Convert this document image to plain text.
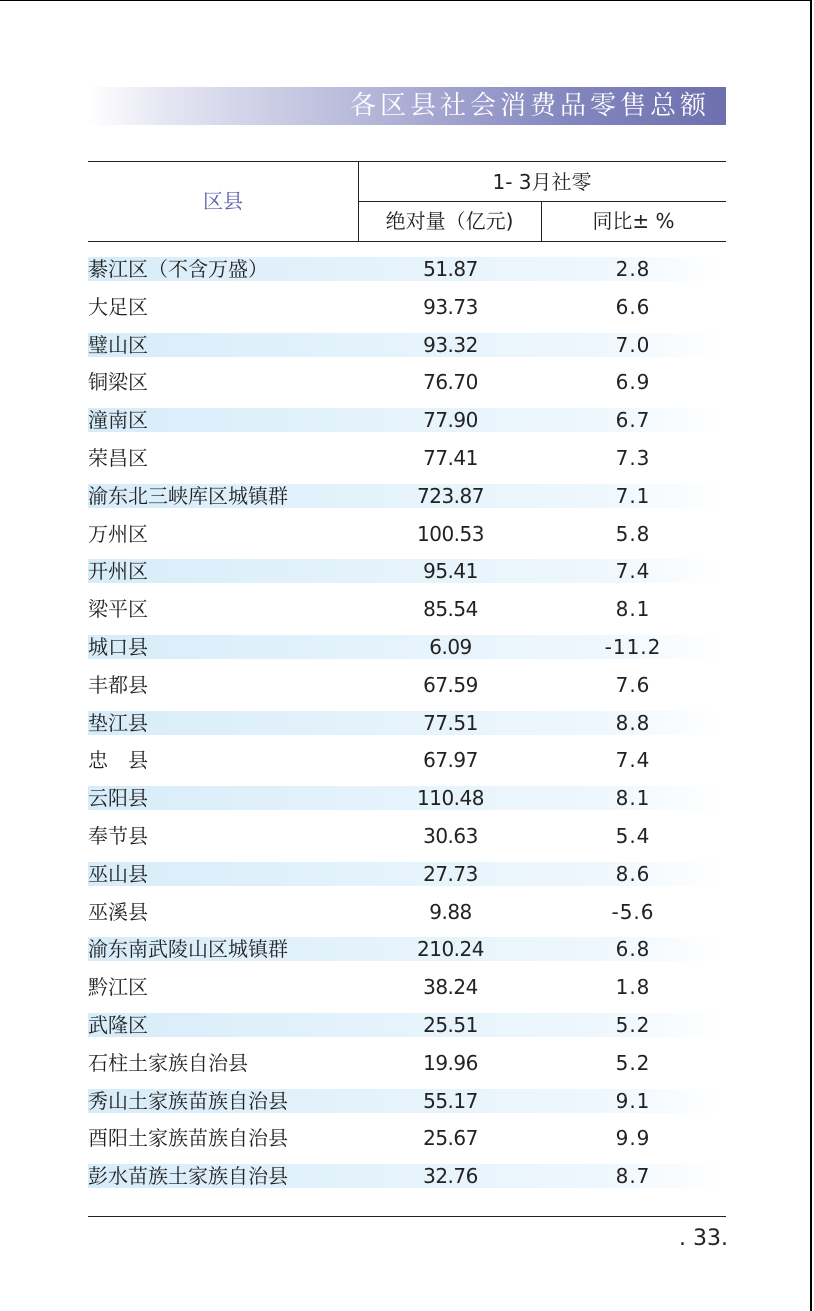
各区县社会消费品零售总额
区县
1- 3月社零
绝对量（亿元)	同比± %
綦江区（不含万盛）	51.87	2.8
大足区	93.73	6.6
璧山区	93.32	7.0
铜梁区	76.70	6.9
潼南区	77.90	6.7
荣昌区	77.41	7.3
渝东北三峡库区城镇群	723.87	7.1
万州区	100.53	5.8
开州区	95.41	7.4
梁平区	85.54	8.1
城口县	6.09	-11.2
丰都县	67.59	7.6
垫江县	77.51	8.8
忠　县	67.97	7.4
云阳县	110.48	8.1
奉节县	30.63	5.4
巫山县	27.73	8.6
巫溪县	9.88	-5.6
渝东南武陵山区城镇群	210.24	6.8
黔江区	38.24	1.8
武隆区	25.51	5.2
石柱土家族自治县	19.96	5.2
秀山土家族苗族自治县	55.17	9.1
酉阳土家族苗族自治县	25.67	9.9
彭水苗族土家族自治县	32.76	8.7
. 33.
